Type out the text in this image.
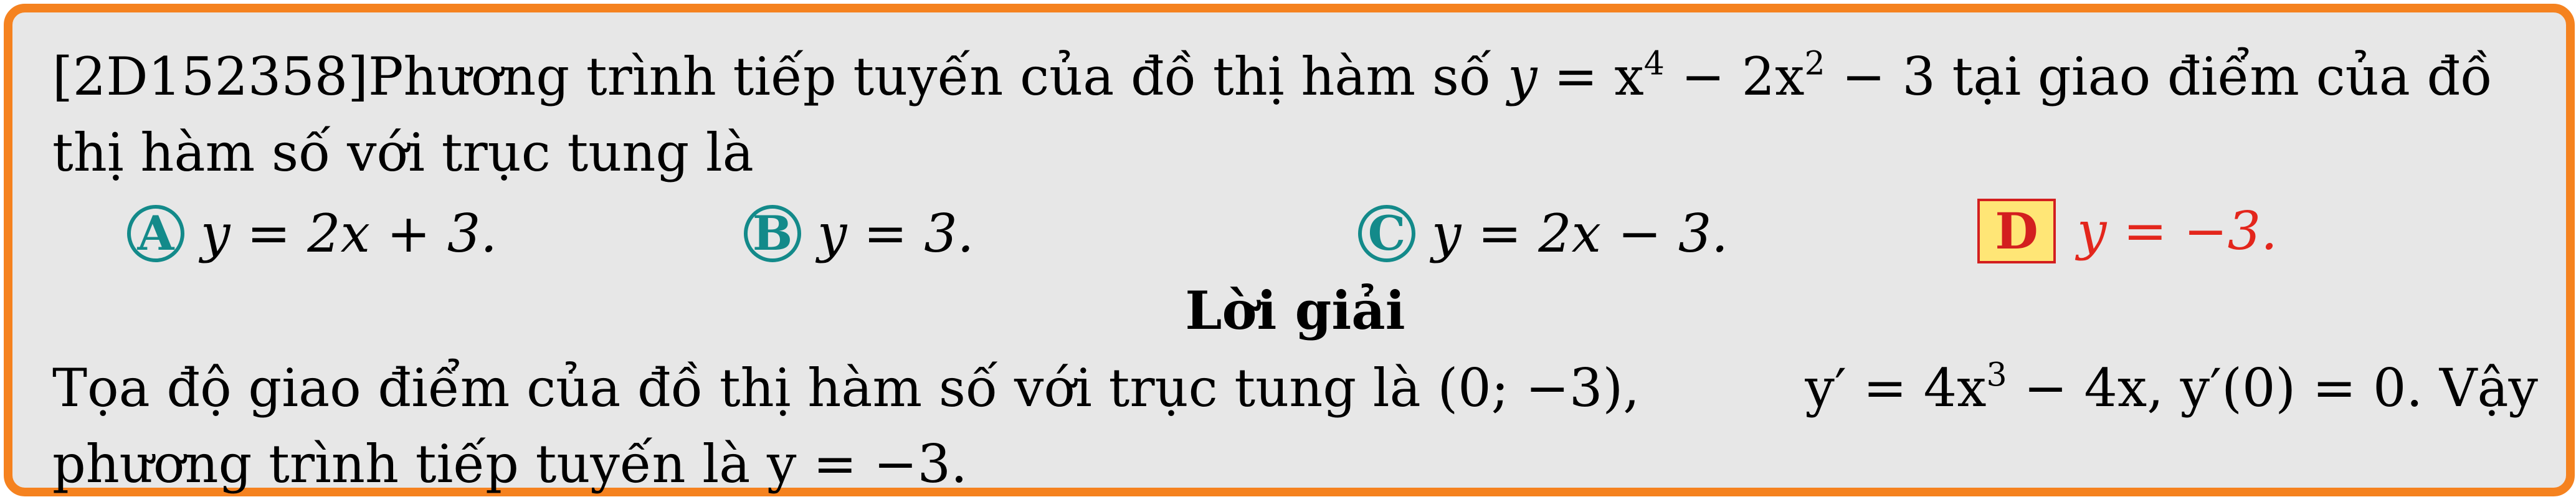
[2D152358]Phương trình tiếp tuyến của đồ thị hàm số $y = x^4 - 2x^2 - 3$ tại giao điểm của đồ
thị hàm số với trục tung là
A y = 2x + 3.	B y = 3.	C y = 2x − 3.	D y = −3.
Lời giải
Tọa độ giao điểm của đồ thị hàm số với trục tung là (0; −3),	$y' = 4x^3 - 4x$, y′(0) = 0. Vậy
phương trình tiếp tuyến là y = −3.
